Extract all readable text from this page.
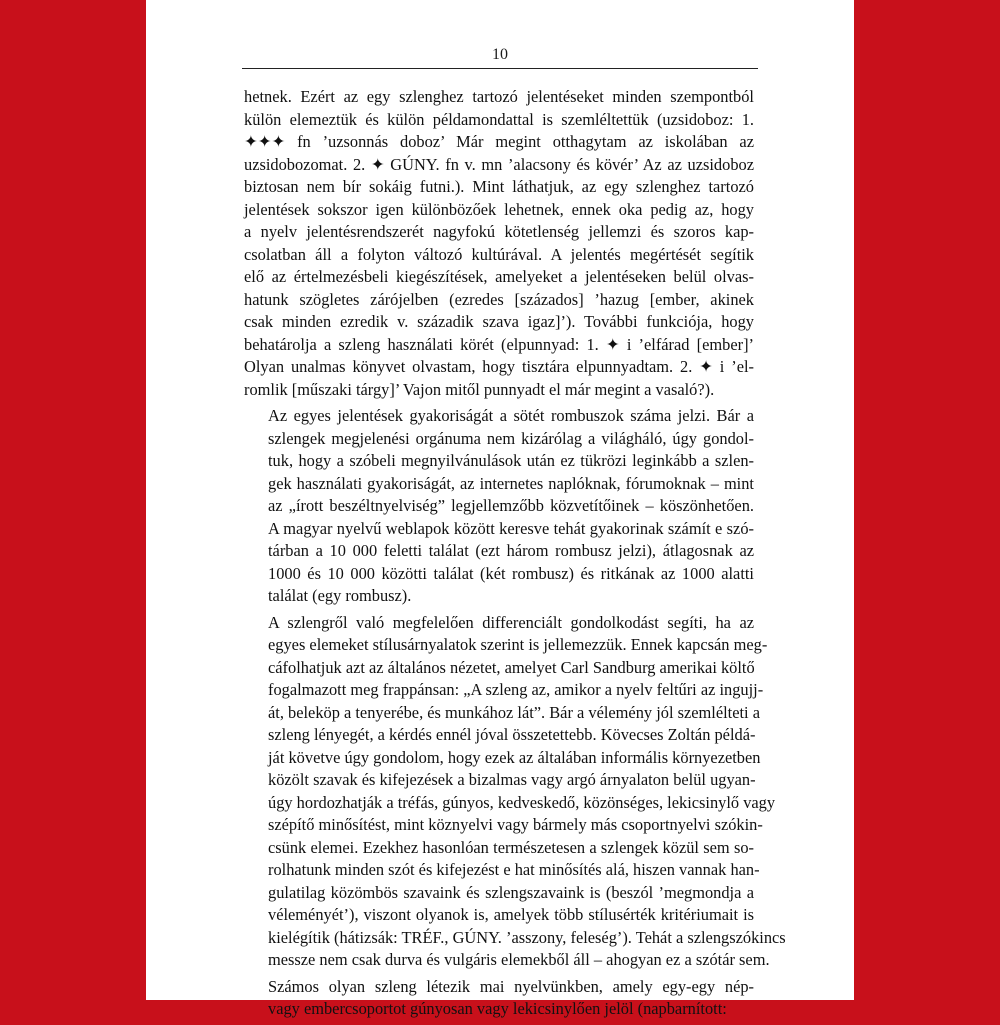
10

hetnek. Ezért az egy szlenghez tartozó jelentéseket minden szempontból
külön elemeztük és külön példamondattal is szemléltettük (uzsidoboz: 1.
✦✦✦ fn ’uzsonnás doboz’ Már megint otthagytam az iskolában az
uzsidobozomat. 2. ✦ GÚNY. fn v. mn ’alacsony és kövér’ Az az uzsidoboz
biztosan nem bír sokáig futni.). Mint láthatjuk, az egy szlenghez tartozó
jelentések sokszor igen különbözőek lehetnek, ennek oka pedig az, hogy
a nyelv jelentésrendszerét nagyfokú kötetlenség jellemzi és szoros kap-
csolatban áll a folyton változó kultúrával. A jelentés megértését segítik
elő az értelmezésbeli kiegészítések, amelyeket a jelentéseken belül olvas-
hatunk szögletes zárójelben (ezredes [százados] ’hazug [ember, akinek
csak minden ezredik v. századik szava igaz]’). További funkciója, hogy
behatárolja a szleng használati körét (elpunnyad: 1. ✦ i ’elfárad [ember]’
Olyan unalmas könyvet olvastam, hogy tisztára elpunnyadtam. 2. ✦ i ’el-
romlik [műszaki tárgy]’ Vajon mitől punnyadt el már megint a vasaló?).

Az egyes jelentések gyakoriságát a sötét rombuszok száma jelzi. Bár a
szlengek megjelenési orgánuma nem kizárólag a világháló, úgy gondol-
tuk, hogy a szóbeli megnyilvánulások után ez tükrözi leginkább a szlen-
gek használati gyakoriságát, az internetes naplóknak, fórumoknak – mint
az „írott beszéltnyelviség” legjellemzőbb közvetítőinek – köszönhetően.
A magyar nyelvű weblapok között keresve tehát gyakorinak számít e szó-
tárban a 10 000 feletti találat (ezt három rombusz jelzi), átlagosnak az
1000 és 10 000 közötti találat (két rombusz) és ritkának az 1000 alatti
találat (egy rombusz).

A szlengről való megfelelően differenciált gondolkodást segíti, ha az
egyes elemeket stílusárnyalatok szerint is jellemezzük. Ennek kapcsán meg-
cáfolhatjuk azt az általános nézetet, amelyet Carl Sandburg amerikai költő
fogalmazott meg frappánsan: „A szleng az, amikor a nyelv feltűri az ingujj-
át, beleköp a tenyerébe, és munkához lát”. Bár a vélemény jól szemlélteti a
szleng lényegét, a kérdés ennél jóval összetettebb. Kövecses Zoltán példá-
ját követve úgy gondolom, hogy ezek az általában informális környezetben
közölt szavak és kifejezések a bizalmas vagy argó árnyalaton belül ugyan-
úgy hordozhatják a tréfás, gúnyos, kedveskedő, közönséges, lekicsinylő vagy
szépítő minősítést, mint köznyelvi vagy bármely más csoportnyelvi szókin-
csünk elemei. Ezekhez hasonlóan természetesen a szlengek közül sem so-
rolhatunk minden szót és kifejezést e hat minősítés alá, hiszen vannak han-
gulatilag közömbös szavaink és szlengszavaink is (beszól ’megmondja a
véleményét’), viszont olyanok is, amelyek több stílusérték kritériumait is
kielégítik (hátizsák: TRÉF., GÚNY. ’asszony, feleség’). Tehát a szlengszókincs
messze nem csak durva és vulgáris elemekből áll – ahogyan ez a szótár sem.

Számos olyan szleng létezik mai nyelvünkben, amely egy-egy nép-
vagy embercsoportot gúnyosan vagy lekicsinylően jelöl (napbarnított:
